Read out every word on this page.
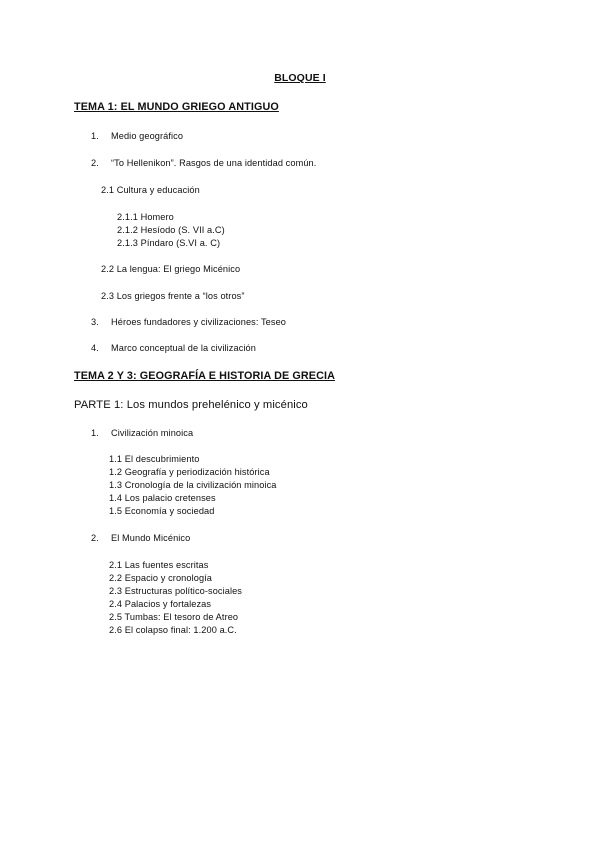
BLOQUE I
TEMA 1: EL MUNDO GRIEGO ANTIGUO
1. Medio geográfico
2. “To Hellenikon”. Rasgos de una identidad común.
2.1 Cultura y educación
2.1.1 Homero
2.1.2 Hesíodo (S. VII a.C)
2.1.3 Píndaro (S.VI a. C)
2.2 La lengua: El griego Micénico
2.3 Los griegos frente a “los otros”
3. Héroes fundadores y civilizaciones: Teseo
4. Marco conceptual de la civilización
TEMA 2 Y 3: GEOGRAFÍA E HISTORIA DE GRECIA
PARTE 1: Los mundos prehelénico y micénico
1. Civilización minoica
1.1 El descubrimiento
1.2 Geografía y periodización histórica
1.3 Cronología de la civilización minoica
1.4 Los palacio cretenses
1.5 Economía y sociedad
2. El Mundo Micénico
2.1 Las fuentes escritas
2.2 Espacio y cronología
2.3 Estructuras político-sociales
2.4 Palacios y fortalezas
2.5 Tumbas: El tesoro de Atreo
2.6 El colapso final: 1.200 a.C.
